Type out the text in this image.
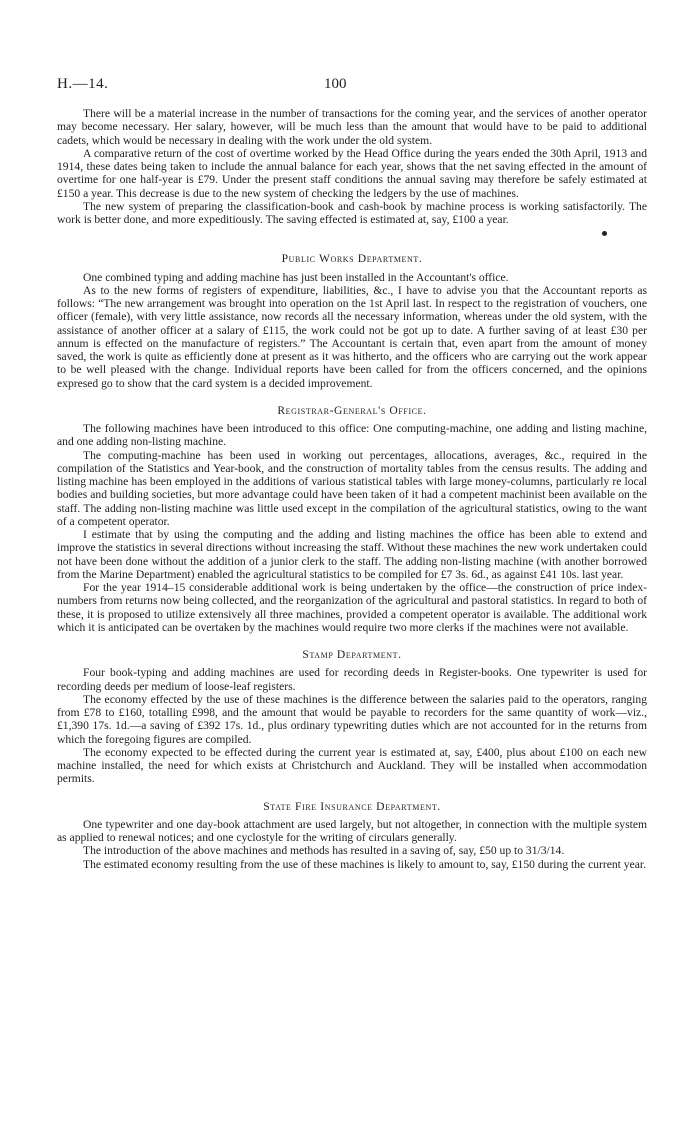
H.—14.	100

There will be a material increase in the number of transactions for the coming year, and the services of another operator may become necessary. Her salary, however, will be much less than the amount that would have to be paid to additional cadets, which would be necessary in dealing with the work under the old system.

A comparative return of the cost of overtime worked by the Head Office during the years ended the 30th April, 1913 and 1914, these dates being taken to include the annual balance for each year, shows that the net saving effected in the amount of overtime for one half-year is £79. Under the present staff conditions the annual saving may therefore be safely estimated at £150 a year. This decrease is due to the new system of checking the ledgers by the use of machines.

The new system of preparing the classification-book and cash-book by machine process is working satisfactorily. The work is better done, and more expeditiously. The saving effected is estimated at, say, £100 a year.

Public Works Department.

One combined typing and adding machine has just been installed in the Accountant's office.

As to the new forms of registers of expenditure, liabilities, &c., I have to advise you that the Accountant reports as follows: “The new arrangement was brought into operation on the 1st April last. In respect to the registration of vouchers, one officer (female), with very little assistance, now records all the necessary information, whereas under the old system, with the assistance of another officer at a salary of £115, the work could not be got up to date. A further saving of at least £30 per annum is effected on the manufacture of registers.” The Accountant is certain that, even apart from the amount of money saved, the work is quite as efficiently done at present as it was hitherto, and the officers who are carrying out the work appear to be well pleased with the change. Individual reports have been called for from the officers concerned, and the opinions expresed go to show that the card system is a decided improvement.

Registrar-General's Office.

The following machines have been introduced to this office: One computing-machine, one adding and listing machine, and one adding non-listing machine.

The computing-machine has been used in working out percentages, allocations, averages, &c., required in the compilation of the Statistics and Year-book, and the construction of mortality tables from the census results. The adding and listing machine has been employed in the additions of various statistical tables with large money-columns, particularly re local bodies and building societies, but more advantage could have been taken of it had a competent machinist been available on the staff. The adding non-listing machine was little used except in the compilation of the agricultural statistics, owing to the want of a competent operator.

I estimate that by using the computing and the adding and listing machines the office has been able to extend and improve the statistics in several directions without increasing the staff. Without these machines the new work undertaken could not have been done without the addition of a junior clerk to the staff. The adding non-listing machine (with another borrowed from the Marine Department) enabled the agricultural statistics to be compiled for £7 3s. 6d., as against £41 10s. last year.

For the year 1914–15 considerable additional work is being undertaken by the office—the construction of price index-numbers from returns now being collected, and the reorganization of the agricultural and pastoral statistics. In regard to both of these, it is proposed to utilize extensively all three machines, provided a competent operator is available. The additional work which it is anticipated can be overtaken by the machines would require two more clerks if the machines were not available.

Stamp Department.

Four book-typing and adding machines are used for recording deeds in Register-books. One typewriter is used for recording deeds per medium of loose-leaf registers.

The economy effected by the use of these machines is the difference between the salaries paid to the operators, ranging from £78 to £160, totalling £998, and the amount that would be payable to recorders for the same quantity of work—viz., £1,390 17s. 1d.—a saving of £392 17s. 1d., plus ordinary typewriting duties which are not accounted for in the returns from which the foregoing figures are compiled.

The economy expected to be effected during the current year is estimated at, say, £400, plus about £100 on each new machine installed, the need for which exists at Christchurch and Auckland. They will be installed when accommodation permits.

State Fire Insurance Department.

One typewriter and one day-book attachment are used largely, but not altogether, in connection with the multiple system as applied to renewal notices; and one cyclostyle for the writing of circulars generally.

The introduction of the above machines and methods has resulted in a saving of, say, £50 up to 31/3/14.

The estimated economy resulting from the use of these machines is likely to amount to, say, £150 during the current year.
